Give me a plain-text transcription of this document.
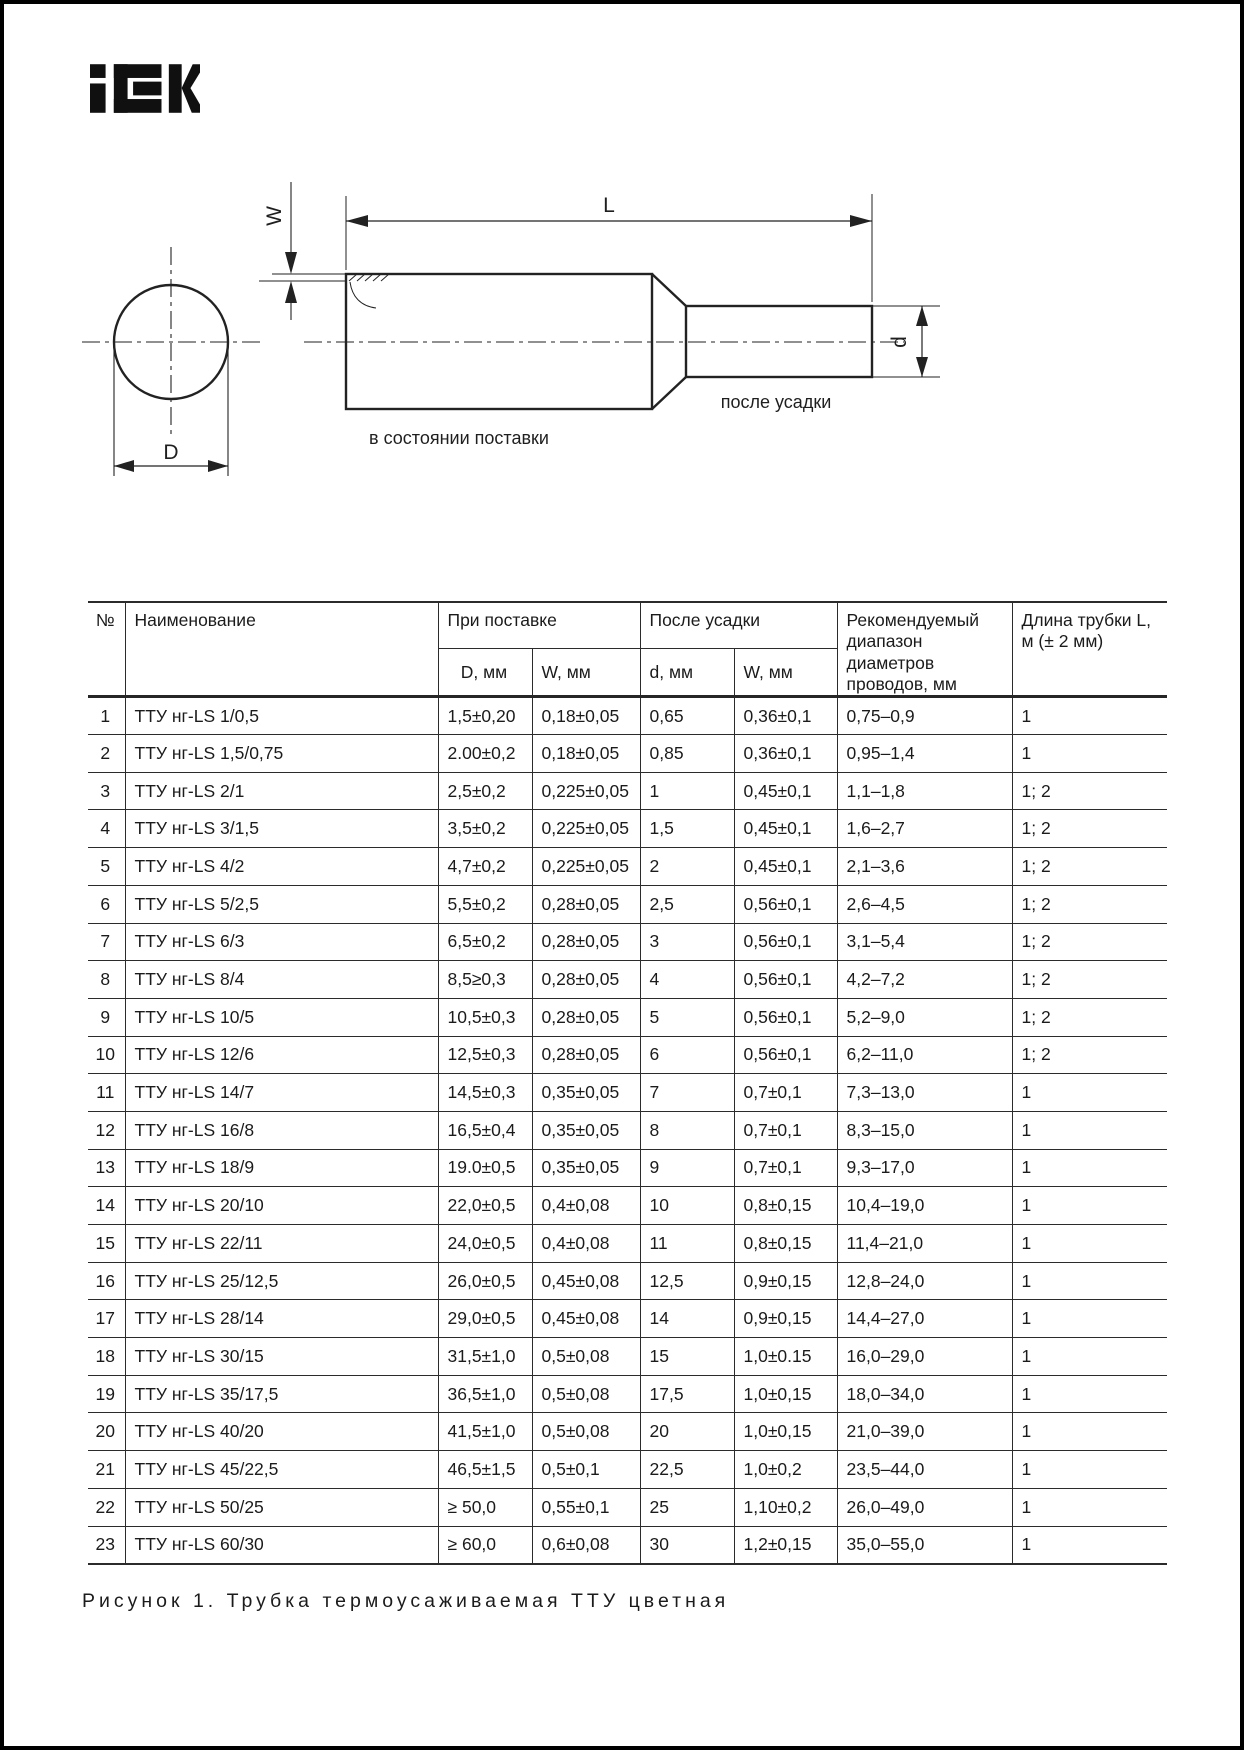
W	L
D
d
в состоянии поставки
после усадки
№	Наименование	При поставке		После усадки		Рекомендуемый диапазон диаметров проводов, мм	Длина трубки L, м (± 2 мм)
		D, мм	W, мм	d, мм	W, мм		
1	ТТУ нг-LS 1/0,5	1,5±0,20	0,18±0,05	0,65	0,36±0,1	0,75–0,9	1
2	ТТУ нг-LS 1,5/0,75	2.00±0,2	0,18±0,05	0,85	0,36±0,1	0,95–1,4	1
3	ТТУ нг-LS 2/1	2,5±0,2	0,225±0,05	1	0,45±0,1	1,1–1,8	1; 2
4	ТТУ нг-LS 3/1,5	3,5±0,2	0,225±0,05	1,5	0,45±0,1	1,6–2,7	1; 2
5	ТТУ нг-LS 4/2	4,7±0,2	0,225±0,05	2	0,45±0,1	2,1–3,6	1; 2
6	ТТУ нг-LS 5/2,5	5,5±0,2	0,28±0,05	2,5	0,56±0,1	2,6–4,5	1; 2
7	ТТУ нг-LS 6/3	6,5±0,2	0,28±0,05	3	0,56±0,1	3,1–5,4	1; 2
8	ТТУ нг-LS 8/4	8,5≥0,3	0,28±0,05	4	0,56±0,1	4,2–7,2	1; 2
9	ТТУ нг-LS 10/5	10,5±0,3	0,28±0,05	5	0,56±0,1	5,2–9,0	1; 2
10	ТТУ нг-LS 12/6	12,5±0,3	0,28±0,05	6	0,56±0,1	6,2–11,0	1; 2
11	ТТУ нг-LS 14/7	14,5±0,3	0,35±0,05	7	0,7±0,1	7,3–13,0	1
12	ТТУ нг-LS 16/8	16,5±0,4	0,35±0,05	8	0,7±0,1	8,3–15,0	1
13	ТТУ нг-LS 18/9	19.0±0,5	0,35±0,05	9	0,7±0,1	9,3–17,0	1
14	ТТУ нг-LS 20/10	22,0±0,5	0,4±0,08	10	0,8±0,15	10,4–19,0	1
15	ТТУ нг-LS 22/11	24,0±0,5	0,4±0,08	11	0,8±0,15	11,4–21,0	1
16	ТТУ нг-LS 25/12,5	26,0±0,5	0,45±0,08	12,5	0,9±0,15	12,8–24,0	1
17	ТТУ нг-LS 28/14	29,0±0,5	0,45±0,08	14	0,9±0,15	14,4–27,0	1
18	ТТУ нг-LS 30/15	31,5±1,0	0,5±0,08	15	1,0±0.15	16,0–29,0	1
19	ТТУ нг-LS 35/17,5	36,5±1,0	0,5±0,08	17,5	1,0±0,15	18,0–34,0	1
20	ТТУ нг-LS 40/20	41,5±1,0	0,5±0,08	20	1,0±0,15	21,0–39,0	1
21	ТТУ нг-LS 45/22,5	46,5±1,5	0,5±0,1	22,5	1,0±0,2	23,5–44,0	1
22	ТТУ нг-LS 50/25	≥ 50,0	0,55±0,1	25	1,10±0,2	26,0–49,0	1
23	ТТУ нг-LS 60/30	≥ 60,0	0,6±0,08	30	1,2±0,15	35,0–55,0	1
Рисунок 1. Трубка термоусаживаемая ТТУ цветная
